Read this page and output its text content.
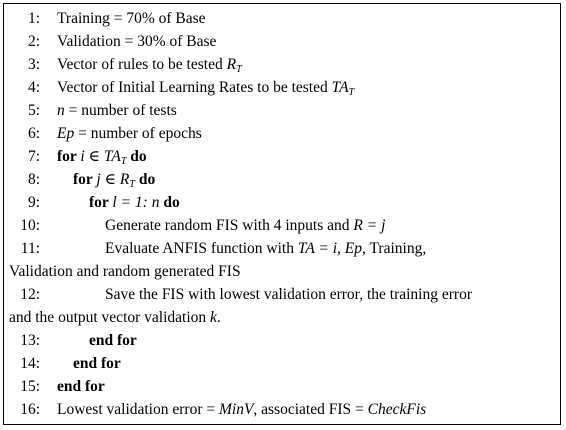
1: Training = 70% of Base
2: Validation = 30% of Base
3: Vector of rules to be tested $R_T$
4: Vector of Initial Learning Rates to be tested $TA_T$
5: n = number of tests
6: Ep = number of epochs
7: for i ∈ $TA_T$ do
8: for j ∈ $R_T$ do
9:	for l = 1: n do
10:	Generate random FIS with 4 inputs and R = j
11:	Evaluate ANFIS function with TA = i, Ep, Training,
Validation and random generated FIS
12:	Save the FIS with lowest validation error, the training error
and the output vector validation k.
13:	end for
14: end for
15: end for
16: Lowest validation error = MinV, associated FIS = CheckFis
